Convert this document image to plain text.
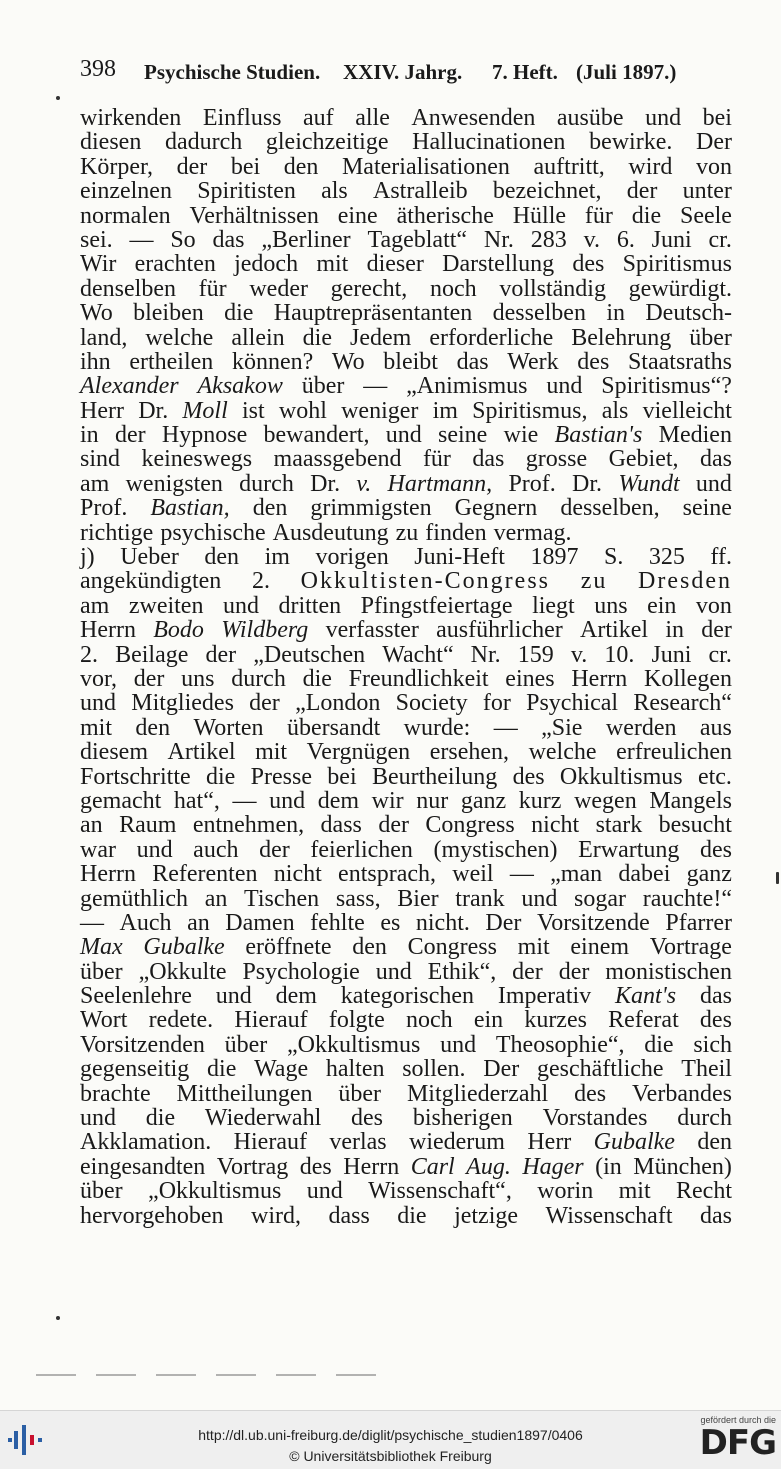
398 Psychische Studien. XXIV. Jahrg. 7. Heft. (Juli 1897.)
wirkenden Einfluss auf alle Anwesenden ausübe und bei
diesen dadurch gleichzeitige Hallucinationen bewirke. Der
Körper, der bei den Materialisationen auftritt, wird von
einzelnen Spiritisten als Astralleib bezeichnet, der unter
normalen Verhältnissen eine ätherische Hülle für die Seele
sei. — So das „Berliner Tageblatt“ Nr. 283 v. 6. Juni cr.
Wir erachten jedoch mit dieser Darstellung des Spiritismus
denselben für weder gerecht, noch vollständig gewürdigt.
Wo bleiben die Hauptrepräsentanten desselben in Deutsch-
land, welche allein die Jedem erforderliche Belehrung über
ihn ertheilen können? Wo bleibt das Werk des Staatsraths
Alexander Aksakow über — „Animismus und Spiritismus“?
Herr Dr. Moll ist wohl weniger im Spiritismus, als vielleicht
in der Hypnose bewandert, und seine wie Bastian's Medien
sind keineswegs maassgebend für das grosse Gebiet, das
am wenigsten durch Dr. v. Hartmann, Prof. Dr. Wundt und
Prof. Bastian, den grimmigsten Gegnern desselben, seine
richtige psychische Ausdeutung zu finden vermag.
j) Ueber den im vorigen Juni-Heft 1897 S. 325 ff.
angekündigten 2. Okkultisten-Congress zu Dresden
am zweiten und dritten Pfingstfeiertage liegt uns ein von
Herrn Bodo Wildberg verfasster ausführlicher Artikel in der
2. Beilage der „Deutschen Wacht“ Nr. 159 v. 10. Juni cr.
vor, der uns durch die Freundlichkeit eines Herrn Kollegen
und Mitgliedes der „London Society for Psychical Research“
mit den Worten übersandt wurde: — „Sie werden aus
diesem Artikel mit Vergnügen ersehen, welche erfreulichen
Fortschritte die Presse bei Beurtheilung des Okkultismus etc.
gemacht hat“, — und dem wir nur ganz kurz wegen Mangels
an Raum entnehmen, dass der Congress nicht stark besucht
war und auch der feierlichen (mystischen) Erwartung des
Herrn Referenten nicht entsprach, weil — „man dabei ganz
gemüthlich an Tischen sass, Bier trank und sogar rauchte!“
— Auch an Damen fehlte es nicht. Der Vorsitzende Pfarrer
Max Gubalke eröffnete den Congress mit einem Vortrage
über „Okkulte Psychologie und Ethik“, der der monistischen
Seelenlehre und dem kategorischen Imperativ Kant's das
Wort redete. Hierauf folgte noch ein kurzes Referat des
Vorsitzenden über „Okkultismus und Theosophie“, die sich
gegenseitig die Wage halten sollen. Der geschäftliche Theil
brachte Mittheilungen über Mitgliederzahl des Verbandes
und die Wiederwahl des bisherigen Vorstandes durch
Akklamation. Hierauf verlas wiederum Herr Gubalke den
eingesandten Vortrag des Herrn Carl Aug. Hager (in München)
über „Okkultismus und Wissenschaft“, worin mit Recht
hervorgehoben wird, dass die jetzige Wissenschaft das
http://dl.ub.uni-freiburg.de/diglit/psychische_studien1897/0406
© Universitätsbibliothek Freiburg
gefördert durch die
DFG
